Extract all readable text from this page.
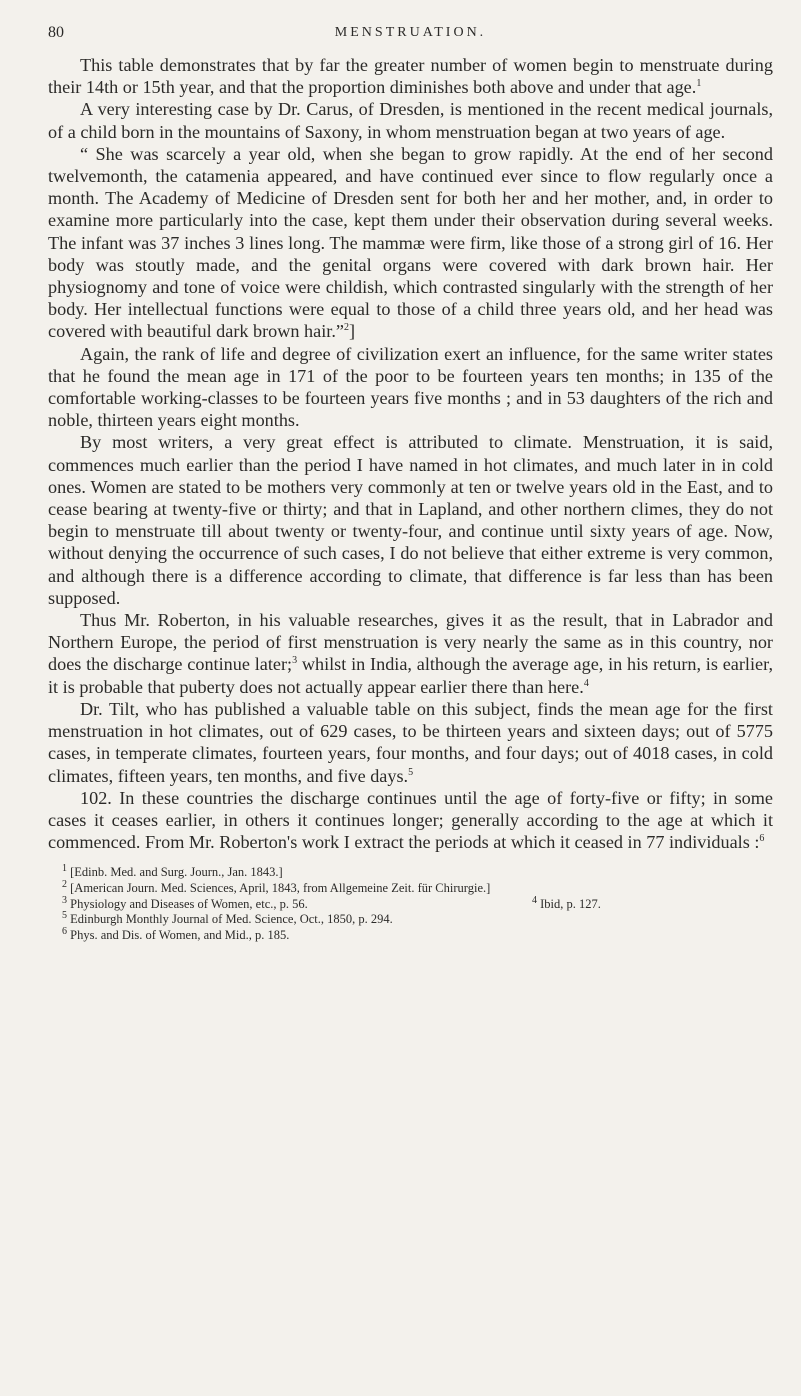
80	MENSTRUATION.

This table demonstrates that by far the greater number of women begin to menstruate during their 14th or 15th year, and that the proportion diminishes both above and under that age.$^1$

A very interesting case by Dr. Carus, of Dresden, is mentioned in the recent medical journals, of a child born in the mountains of Saxony, in whom menstruation began at two years of age.

“ She was scarcely a year old, when she began to grow rapidly. At the end of her second twelvemonth, the catamenia appeared, and have continued ever since to flow regularly once a month. The Academy of Medicine of Dresden sent for both her and her mother, and, in order to examine more particularly into the case, kept them under their observation during several weeks. The infant was 37 inches 3 lines long. The mammæ were firm, like those of a strong girl of 16. Her body was stoutly made, and the genital organs were covered with dark brown hair. Her physiognomy and tone of voice were childish, which contrasted singularly with the strength of her body. Her intellectual functions were equal to those of a child three years old, and her head was covered with beautiful dark brown hair.”$^2$]

Again, the rank of life and degree of civilization exert an influence, for the same writer states that he found the mean age in 171 of the poor to be fourteen years ten months; in 135 of the comfortable working-classes to be fourteen years five months ; and in 53 daughters of the rich and noble, thirteen years eight months.

By most writers, a very great effect is attributed to climate. Menstruation, it is said, commences much earlier than the period I have named in hot climates, and much later in in cold ones. Women are stated to be mothers very commonly at ten or twelve years old in the East, and to cease bearing at twenty-five or thirty; and that in Lapland, and other northern climes, they do not begin to menstruate till about twenty or twenty-four, and continue until sixty years of age. Now, without denying the occurrence of such cases, I do not believe that either extreme is very common, and although there is a difference according to climate, that difference is far less than has been supposed.

Thus Mr. Roberton, in his valuable researches, gives it as the result, that in Labrador and Northern Europe, the period of first menstruation is very nearly the same as in this country, nor does the discharge continue later;$^3$ whilst in India, although the average age, in his return, is earlier, it is probable that puberty does not actually appear earlier there than here.$^4$

Dr. Tilt, who has published a valuable table on this subject, finds the mean age for the first menstruation in hot climates, out of 629 cases, to be thirteen years and sixteen days; out of 5775 cases, in temperate climates, fourteen years, four months, and four days; out of 4018 cases, in cold climates, fifteen years, ten months, and five days.$^5$

102. In these countries the discharge continues until the age of forty-five or fifty; in some cases it ceases earlier, in others it continues longer; generally according to the age at which it commenced. From Mr. Roberton's work I extract the periods at which it ceased in 77 individuals :$^6$

$^1$ [Edinb. Med. and Surg. Journ., Jan. 1843.]
$^2$ [American Journ. Med. Sciences, April, 1843, from Allgemeine Zeit. für Chirurgie.]
$^3$ Physiology and Diseases of Women, etc., p. 56.	$^4$ Ibid, p. 127.
$^5$ Edinburgh Monthly Journal of Med. Science, Oct., 1850, p. 294.
$^6$ Phys. and Dis. of Women, and Mid., p. 185.
